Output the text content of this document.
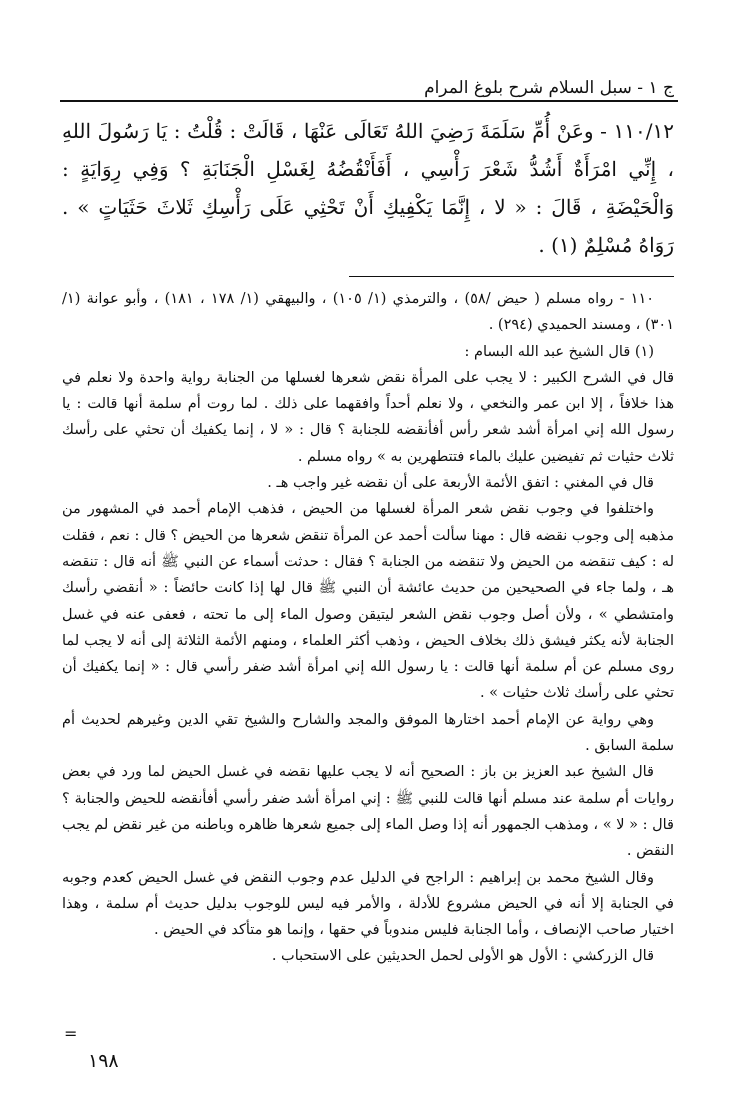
ج ١ - سبل السلام شرح بلوغ المرام

١١٠/١٢ - وعَنْ أُمِّ سَلَمَةَ رَضِيَ اللهُ تَعَالَى عَنْهَا ، قَالَتْ : قُلْتُ : يَا رَسُولَ اللهِ ، إِنِّي امْرَأَةٌ أَشُدُّ شَعْرَ رَأْسِي ، أَفَأَنْقُضُهُ لِغَسْلِ الْجَنَابَةِ ؟ وَفِي رِوَايَةٍ : وَالْحَيْضَةِ ، قَالَ : « لا ، إِنَّمَا يَكْفِيكِ أَنْ تَحْثِي عَلَى رَأْسِكِ ثَلاثَ حَثَيَاتٍ » . رَوَاهُ مُسْلِمٌ (١) .

١١٠ - رواه مسلم ( حيض /٥٨) ، والترمذي (١/ ١٠٥) ، والبيهقي (١/ ١٧٨ ، ١٨١) ، وأبو عوانة (١/ ٣٠١) ، ومسند الحميدي (٢٩٤) .

(١) قال الشيخ عبد الله البسام :

قال في الشرح الكبير : لا يجب على المرأة نقض شعرها لغسلها من الجنابة رواية واحدة ولا نعلم في هذا خلافاً ، إلا ابن عمر والنخعي ، ولا نعلم أحداً وافقهما على ذلك . لما روت أم سلمة أنها قالت : يا رسول الله إني امرأة أشد شعر رأس أفأنقضه للجنابة ؟ قال : « لا ، إنما يكفيك أن تحثي على رأسك ثلاث حثيات ثم تفيضين عليك بالماء فتتطهرين به » رواه مسلم .

قال في المغني : اتفق الأئمة الأربعة على أن نقضه غير واجب هـ .

واختلفوا في وجوب نقض شعر المرأة لغسلها من الحيض ، فذهب الإمام أحمد في المشهور من مذهبه إلى وجوب نقضه قال : مهنا سألت أحمد عن المرأة تنقض شعرها من الحيض ؟ قال : نعم ، فقلت له : كيف تنقضه من الحيض ولا تنقضه من الجنابة ؟ فقال : حدثت أسماء عن النبي ﷺ أنه قال : تنقضه هـ ، ولما جاء في الصحيحين من حديث عائشة أن النبي ﷺ قال لها إذا كانت حائضاً : « أنقضي رأسك وامتشطي » ، ولأن أصل وجوب نقض الشعر ليتيقن وصول الماء إلى ما تحته ، فعفى عنه في غسل الجنابة لأنه يكثر فيشق ذلك بخلاف الحيض ، وذهب أكثر العلماء ، ومنهم الأئمة الثلاثة إلى أنه لا يجب لما روى مسلم عن أم سلمة أنها قالت : يا رسول الله إني امرأة أشد ضفر رأسي قال : « إنما يكفيك أن تحثي على رأسك ثلاث حثيات » .

وهي رواية عن الإمام أحمد اختارها الموفق والمجد والشارح والشيخ تقي الدين وغيرهم لحديث أم سلمة السابق .

قال الشيخ عبد العزيز بن باز : الصحيح أنه لا يجب عليها نقضه في غسل الحيض لما ورد في بعض روايات أم سلمة عند مسلم أنها قالت للنبي ﷺ : إني امرأة أشد ضفر رأسي أفأنقضه للحيض والجنابة ؟ قال : « لا » ، ومذهب الجمهور أنه إذا وصل الماء إلى جميع شعرها ظاهره وباطنه من غير نقض لم يجب النقض .

وقال الشيخ محمد بن إبراهيم : الراجح في الدليل عدم وجوب النقض في غسل الحيض كعدم وجوبه في الجنابة إلا أنه في الحيض مشروع للأدلة ، والأمر فيه ليس للوجوب بدليل حديث أم سلمة ، وهذا اختيار صاحب الإنصاف ، وأما الجنابة فليس مندوباً في حقها ، وإنما هو متأكد في الحيض .

قال الزركشي : الأول هو الأولى لحمل الحديثين على الاستحباب .

=
١٩٨
